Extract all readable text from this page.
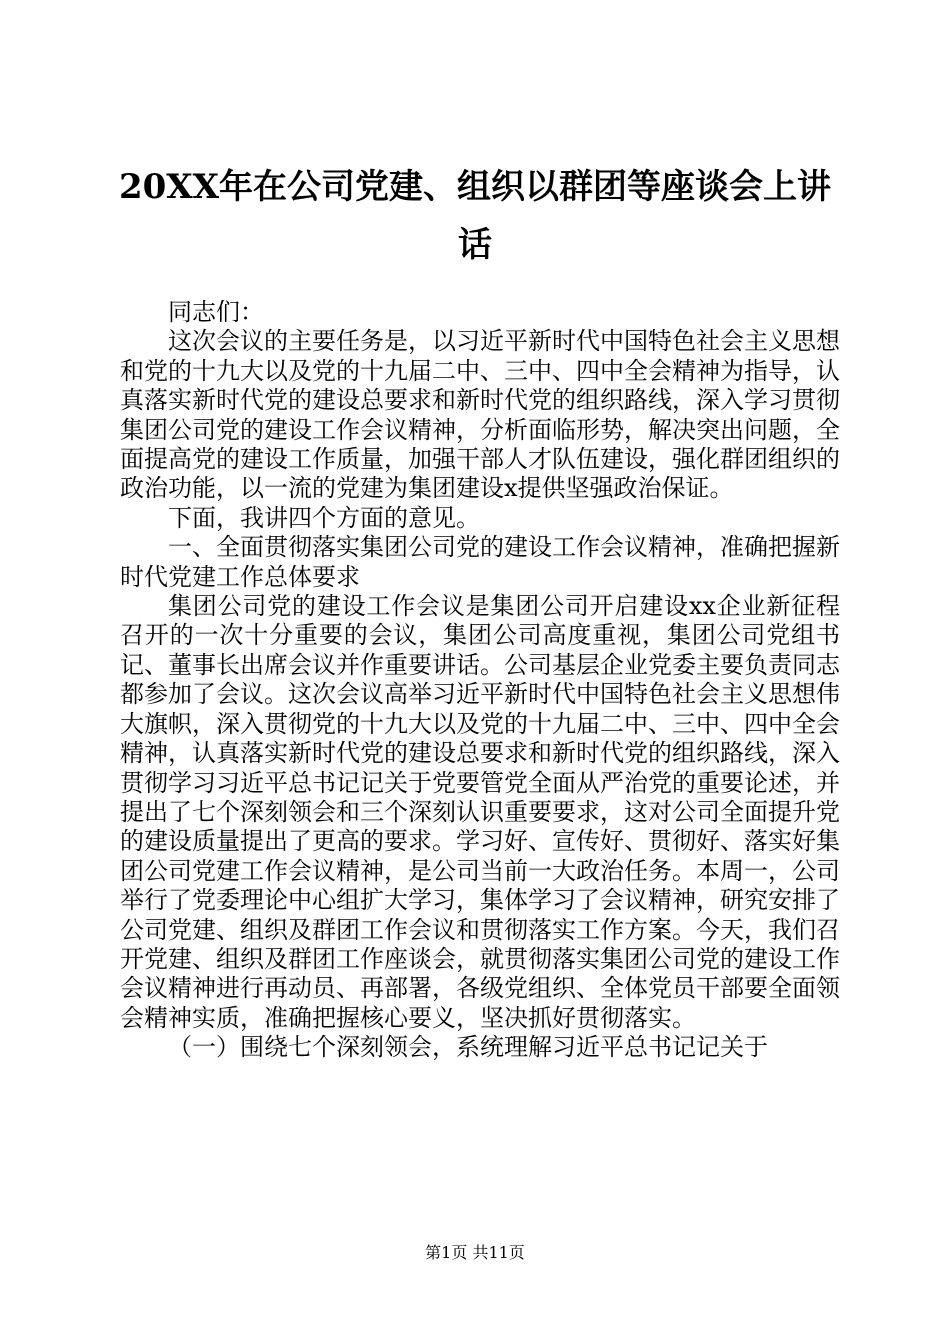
20XX年在公司党建、组织以群团等座谈会上讲话

同志们：

这次会议的主要任务是，以习近平新时代中国特色社会主义思想和党的十九大以及党的十九届二中、三中、四中全会精神为指导，认真落实新时代党的建设总要求和新时代党的组织路线，深入学习贯彻集团公司党的建设工作会议精神，分析面临形势，解决突出问题，全面提高党的建设工作质量，加强干部人才队伍建设，强化群团组织的政治功能，以一流的党建为集团建设x提供坚强政治保证。

下面，我讲四个方面的意见。

一、全面贯彻落实集团公司党的建设工作会议精神，准确把握新时代党建工作总体要求

集团公司党的建设工作会议是集团公司开启建设xx企业新征程召开的一次十分重要的会议，集团公司高度重视，集团公司党组书记、董事长出席会议并作重要讲话。公司基层企业党委主要负责同志都参加了会议。这次会议高举习近平新时代中国特色社会主义思想伟大旗帜，深入贯彻党的十九大以及党的十九届二中、三中、四中全会精神，认真落实新时代党的建设总要求和新时代党的组织路线，深入贯彻学习习近平总书记记关于党要管党全面从严治党的重要论述，并提出了七个深刻领会和三个深刻认识重要要求，这对公司全面提升党的建设质量提出了更高的要求。学习好、宣传好、贯彻好、落实好集团公司党建工作会议精神，是公司当前一大政治任务。本周一，公司举行了党委理论中心组扩大学习，集体学习了会议精神，研究安排了公司党建、组织及群团工作会议和贯彻落实工作方案。今天，我们召开党建、组织及群团工作座谈会，就贯彻落实集团公司党的建设工作会议精神进行再动员、再部署，各级党组织、全体党员干部要全面领会精神实质，准确把握核心要义，坚决抓好贯彻落实。

（一）围绕七个深刻领会，系统理解习近平总书记记关于

第1页 共11页
